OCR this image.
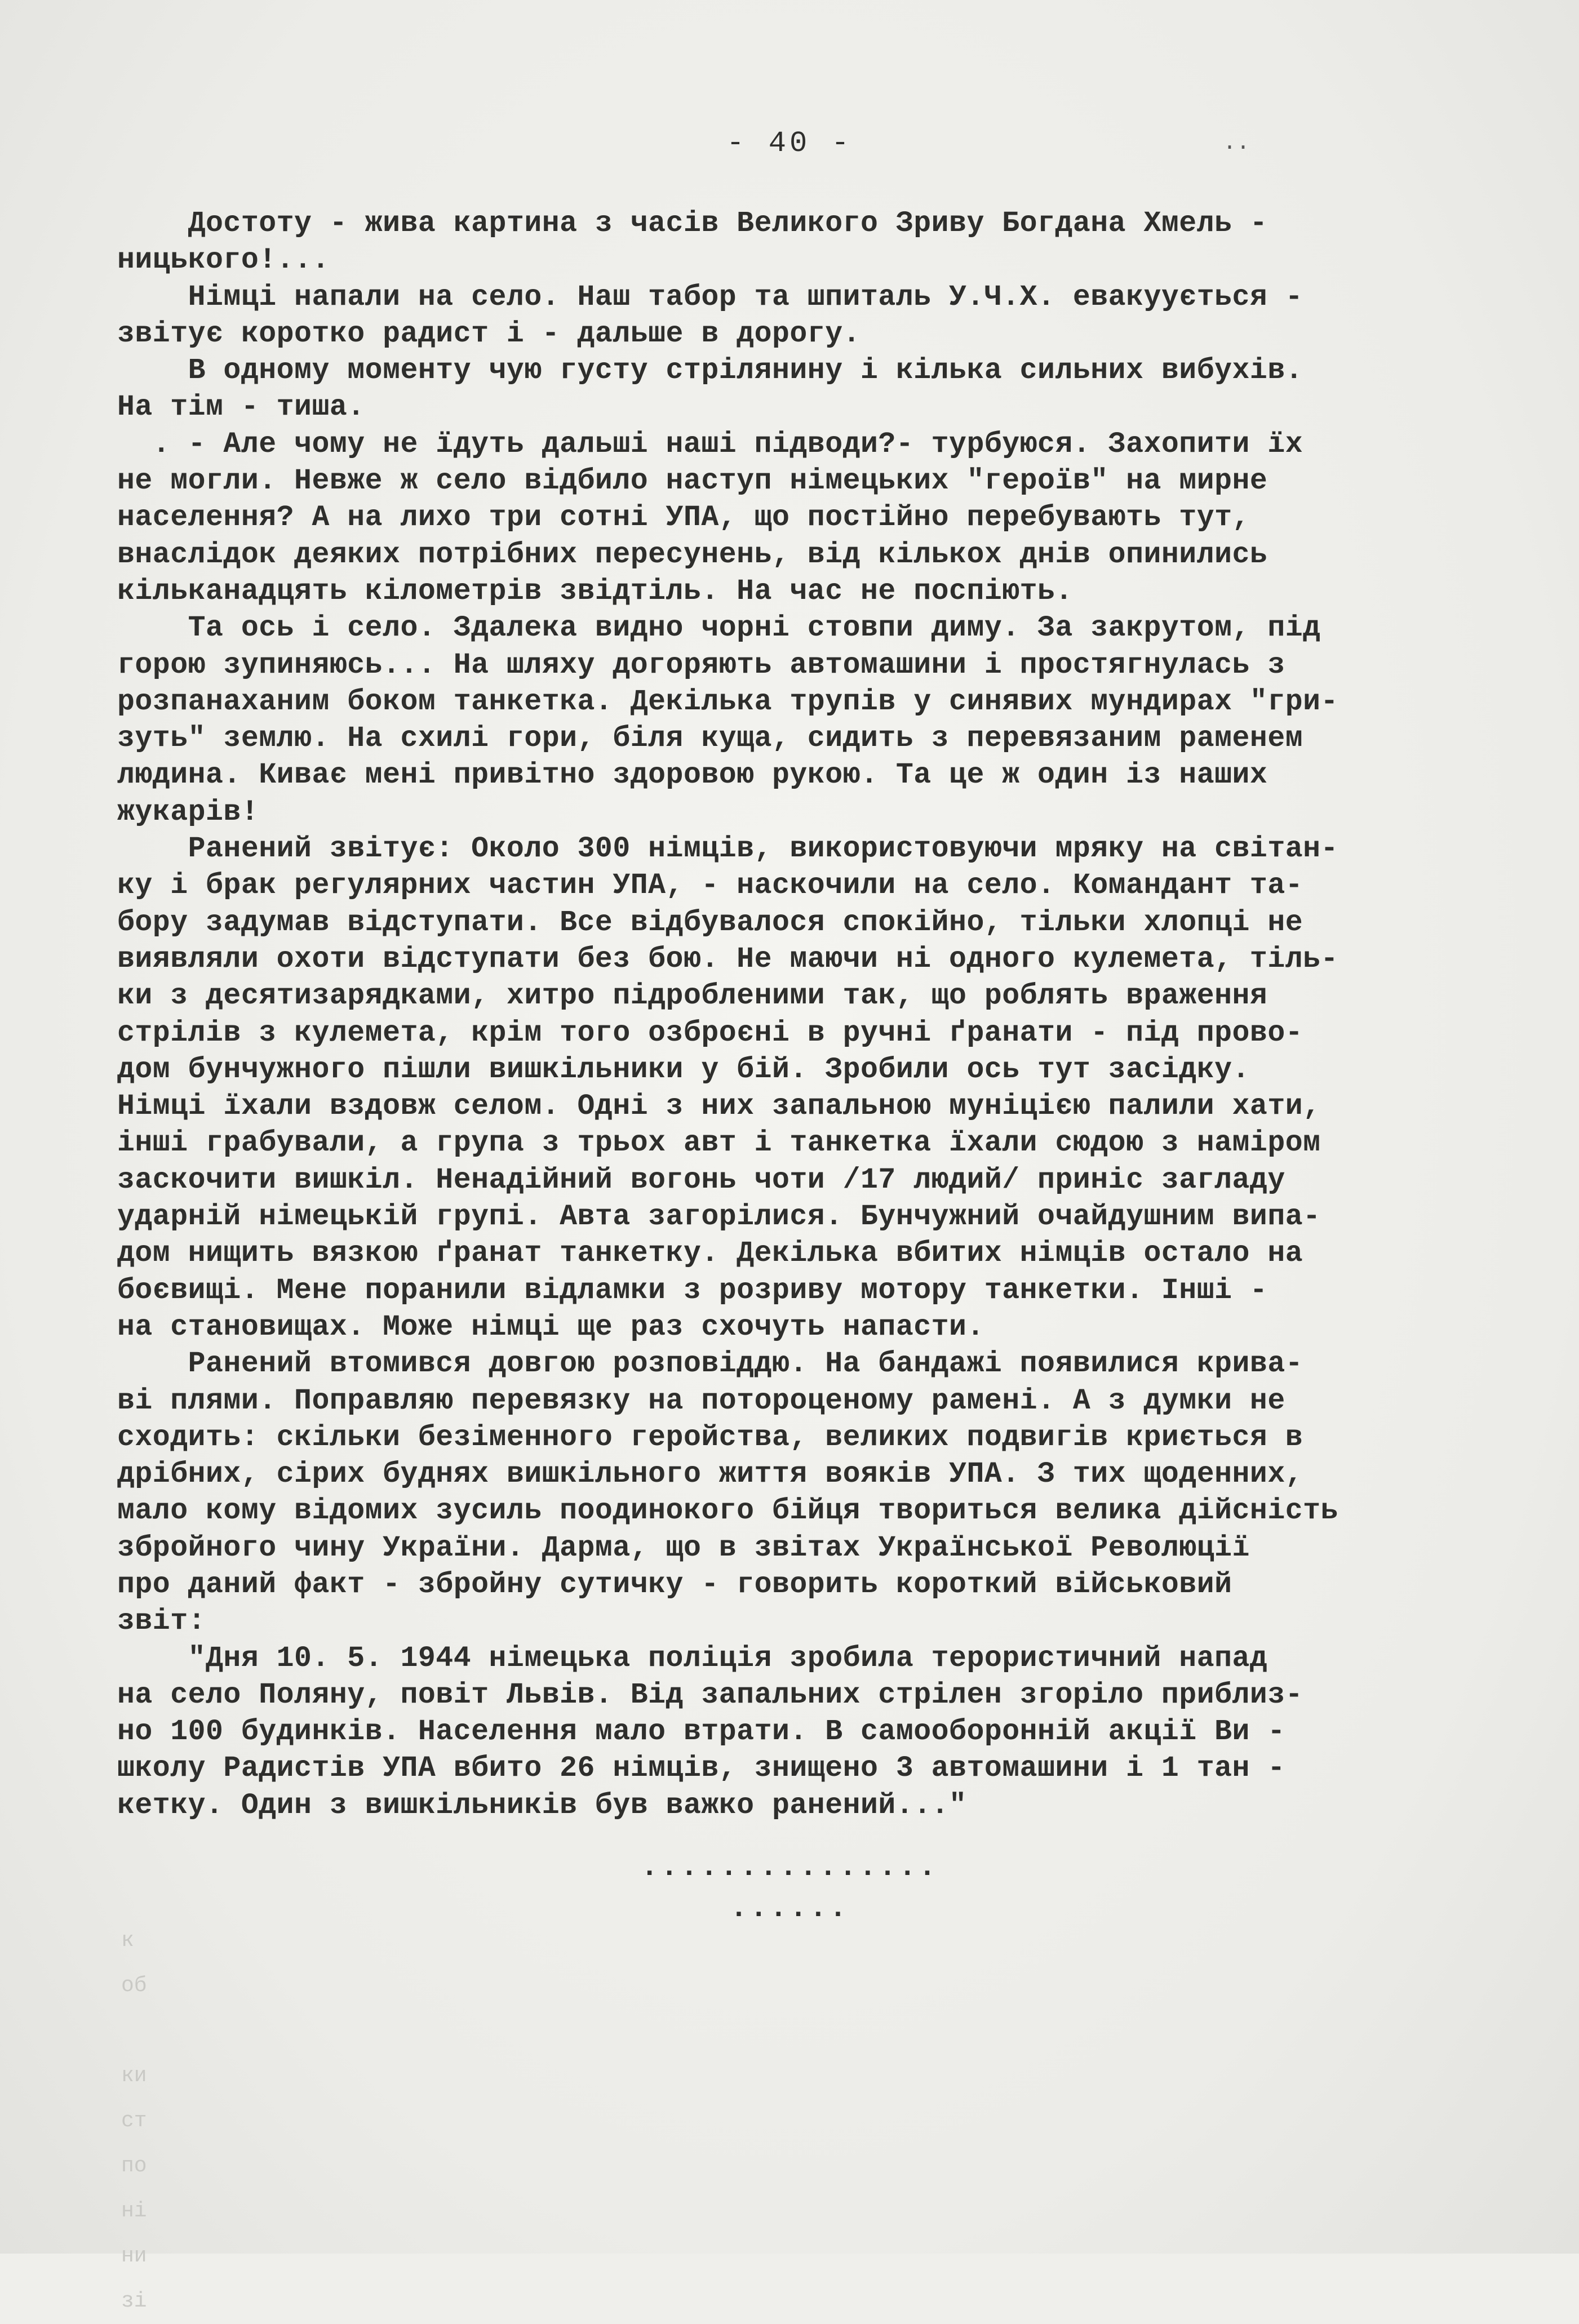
- 40 -	··
Достоту - жива картина з часів Великого Зриву Богдана Хмель -
ницького!...
Німці напали на село. Наш табор та шпиталь У.Ч.Х. евакуується -
звітує коротко радист і - дальше в дорогу.
В одному моменту чую густу стрілянину і кілька сильних вибухів.
На тім - тиша.
. - Але чому не їдуть дальші наші підводи?- турбуюся. Захопити їх
не могли. Невже ж село відбило наступ німецьких "героїв" на мирне
населення? А на лихо три сотні УПА, що постійно перебувають тут,
внаслідок деяких потрібних пересунень, від кількох днів опинились
кільканадцять кілометрів звідтіль. На час не поспіють.
Та ось і село. Здалека видно чорні стовпи диму. За закрутом, під
горою зупиняюсь... На шляху догоряють автомашини і простягнулась з
розпанаханим боком танкетка. Декілька трупів у синявих мундирах "гри-
зуть" землю. На схилі гори, біля куща, сидить з перевязаним раменем
людина. Киває мені привітно здоровою рукою. Та це ж один із наших
жукарів!
Ранений звітує: Около 300 німців, використовуючи мряку на світан-
ку і брак регулярних частин УПА, - наскочили на село. Командант та-
бору задумав відступати. Все відбувалося спокійно, тільки хлопці не
виявляли охоти відступати без бою. Не маючи ні одного кулемета, тіль-
ки з десятизарядками, хитро підробленими так, що роблять враження
стрілів з кулемета, крім того озброєні в ручні ґранати - під прово-
дом бунчужного пішли вишкільники у бій. Зробили ось тут засідку.
Німці їхали вздовж селом. Одні з них запальною муніцією палили хати,
інші грабували, а група з трьох авт і танкетка їхали сюдою з наміром
заскочити вишкіл. Ненадійний вогонь чоти /17 людий/ приніс загладу
ударній німецькій групі. Авта загорілися. Бунчужний очайдушним випа-
дом нищить вязкою ґранат танкетку. Декілька вбитих німців остало на
боєвищі. Мене поранили відламки з розриву мотору танкетки. Інші -
на становищах. Може німці ще раз схочуть напасти.
Ранений втомився довгою розповіддю. На бандажі появилися крива-
ві плями. Поправляю перевязку на потороценому рамені. А з думки не
сходить: скільки безіменного геройства, великих подвигів криється в
дрібних, сірих буднях вишкільного життя вояків УПА. З тих щоденних,
мало кому відомих зусиль поодинокого бійця твориться велика дійсність
збройного чину України. Дарма, що в звітах Української Революції
про даний факт - збройну сутичку - говорить короткий військовий
звіт:
"Дня 10. 5. 1944 німецька поліція зробила терористичний напад
на село Поляну, повіт Львів. Від запальних стрілен згоріло приблиз-
но 100 будинків. Населення мало втрати. В самооборонній акції Ви -
школу Радистів УПА вбито 26 німців, знищено 3 автомашини і 1 тан -
кетку. Один з вишкільників був важко ранений..."
...............
......
к
об

ки
ст
по
ні
ни
зі
